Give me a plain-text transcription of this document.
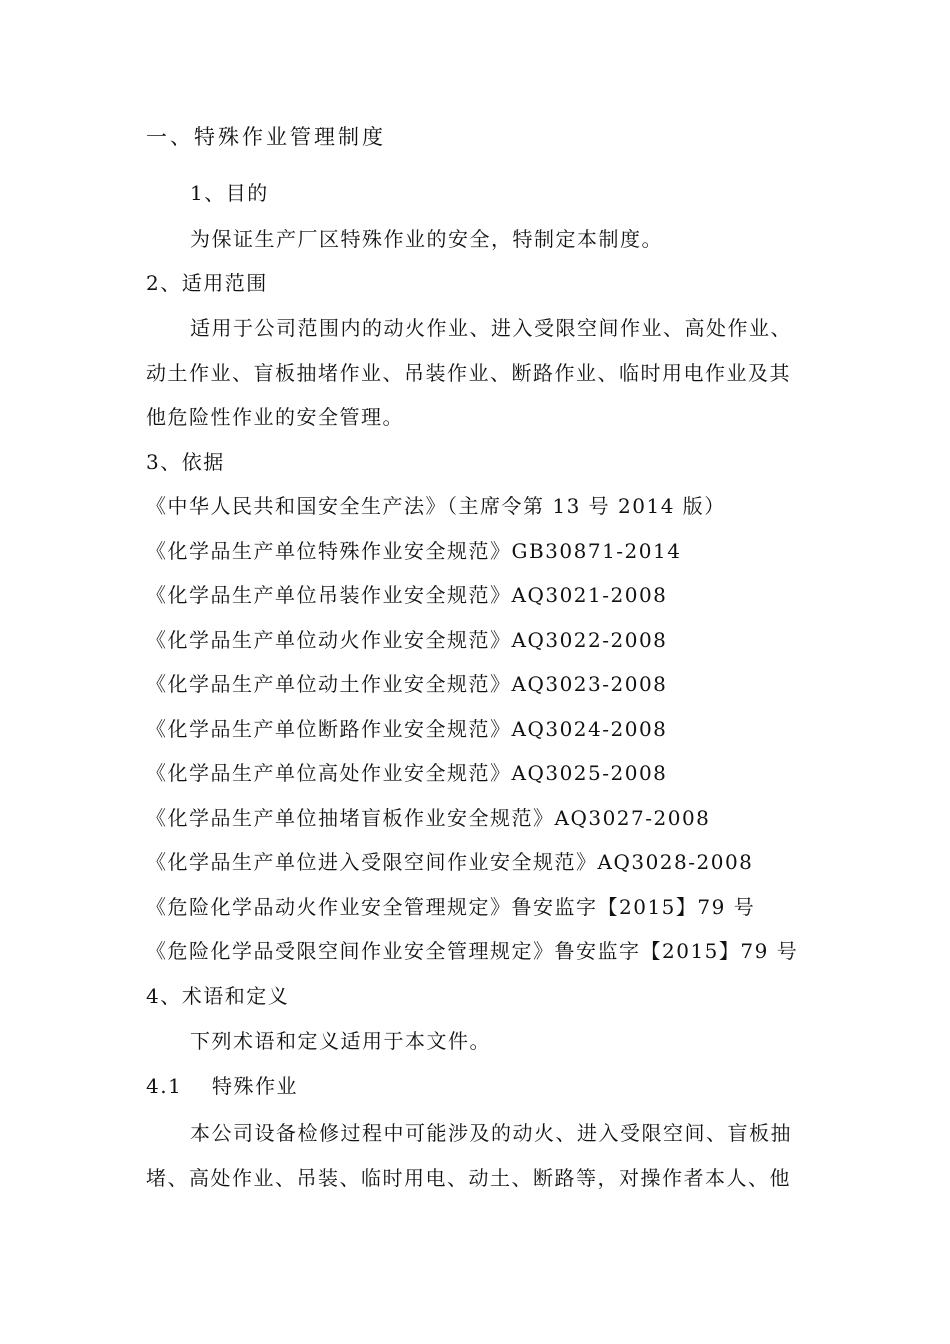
一、特殊作业管理制度
1、目的
为保证生产厂区特殊作业的安全，特制定本制度。
2、适用范围
适用于公司范围内的动火作业、进入受限空间作业、高处作业、
动土作业、盲板抽堵作业、吊装作业、断路作业、临时用电作业及其
他危险性作业的安全管理。
3、依据
《中华人民共和国安全生产法》（主席令第 13 号 2014 版）
《化学品生产单位特殊作业安全规范》GB30871-2014
《化学品生产单位吊装作业安全规范》AQ3021-2008
《化学品生产单位动火作业安全规范》AQ3022-2008
《化学品生产单位动土作业安全规范》AQ3023-2008
《化学品生产单位断路作业安全规范》AQ3024-2008
《化学品生产单位高处作业安全规范》AQ3025-2008
《化学品生产单位抽堵盲板作业安全规范》AQ3027-2008
《化学品生产单位进入受限空间作业安全规范》AQ3028-2008
《危险化学品动火作业安全管理规定》鲁安监字【2015】79 号
《危险化学品受限空间作业安全管理规定》鲁安监字【2015】79 号
4、术语和定义
下列术语和定义适用于本文件。
4.1 特殊作业
本公司设备检修过程中可能涉及的动火、进入受限空间、盲板抽
堵、高处作业、吊装、临时用电、动土、断路等，对操作者本人、他
